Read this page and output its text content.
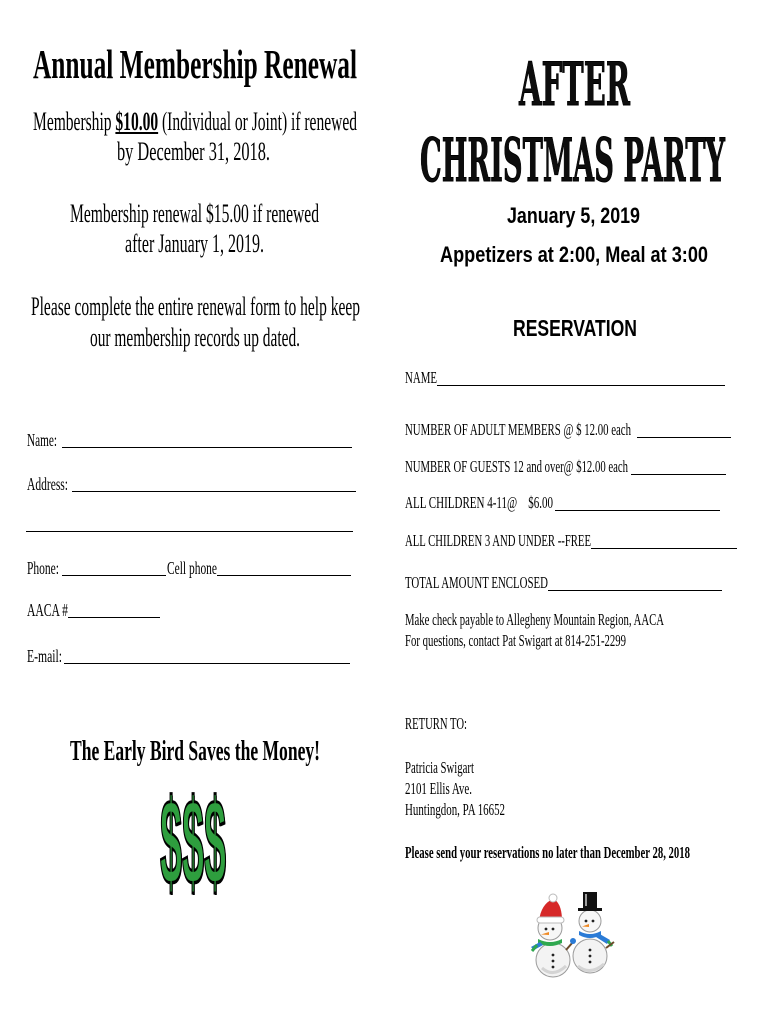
Annual Membership Renewal
Membership $10.00 (Individual or Joint) if renewed
by December 31, 2018.
Membership renewal $15.00 if renewed
after January 1, 2019.
Please complete the entire renewal form to help keep
our membership records up dated.
Name:
Address:
Phone:	Cell phone
AACA #
E-mail:
The Early Bird Saves the Money!
$$$
AFTER
CHRISTMAS PARTY
January 5, 2019
Appetizers at 2:00, Meal at 3:00
RESERVATION
NAME
NUMBER OF ADULT MEMBERS @ $ 12.00 each
NUMBER OF GUESTS 12 and over@ $12.00 each
ALL CHILDREN 4-11@    $6.00
ALL CHILDREN 3 AND UNDER --FREE
TOTAL AMOUNT ENCLOSED
Make check payable to Allegheny Mountain Region, AACA
For questions, contact Pat Swigart at 814-251-2299
RETURN TO:
Patricia Swigart
2101 Ellis Ave.
Huntingdon, PA 16652
Please send your reservations no later than December 28, 2018
